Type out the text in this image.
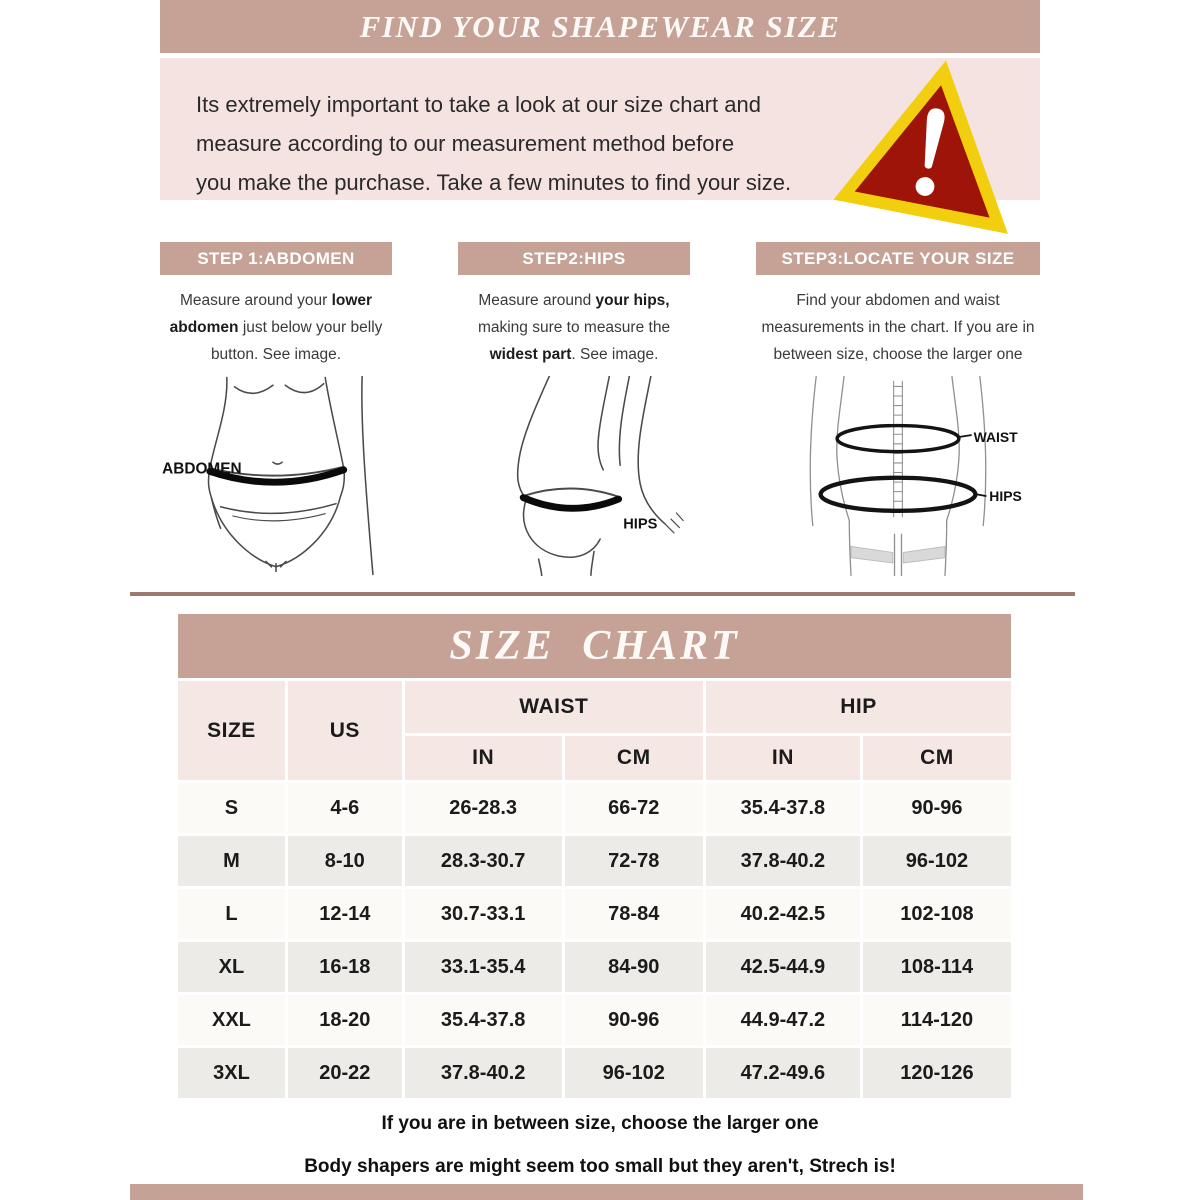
FIND YOUR SHAPEWEAR SIZE
Its extremely important to take a look at our size chart and
measure according to our measurement method before
you make the purchase. Take a few minutes to find your size.
STEP 1:ABDOMEN
Measure around your lower abdomen just below your belly button. See image.
ABDOMEN
STEP2:HIPS
Measure around your hips, making sure to measure the widest part. See image.
HIPS
STEP3:LOCATE YOUR SIZE
Find your abdomen and waist measurements in the chart. If you are in between size, choose the larger one
WAIST
HIPS
SIZE CHART
SIZE	US
WAIST	HIP
IN	CM	IN	CM
S	4-6	26-28.3	66-72	35.4-37.8	90-96
M	8-10	28.3-30.7	72-78	37.8-40.2	96-102
L	12-14	30.7-33.1	78-84	40.2-42.5	102-108
XL	16-18	33.1-35.4	84-90	42.5-44.9	108-114
XXL	18-20	35.4-37.8	90-96	44.9-47.2	114-120
3XL	20-22	37.8-40.2	96-102	47.2-49.6	120-126
If you are in between size, choose the larger one
Body shapers are might seem too small but they aren't, Strech is!
